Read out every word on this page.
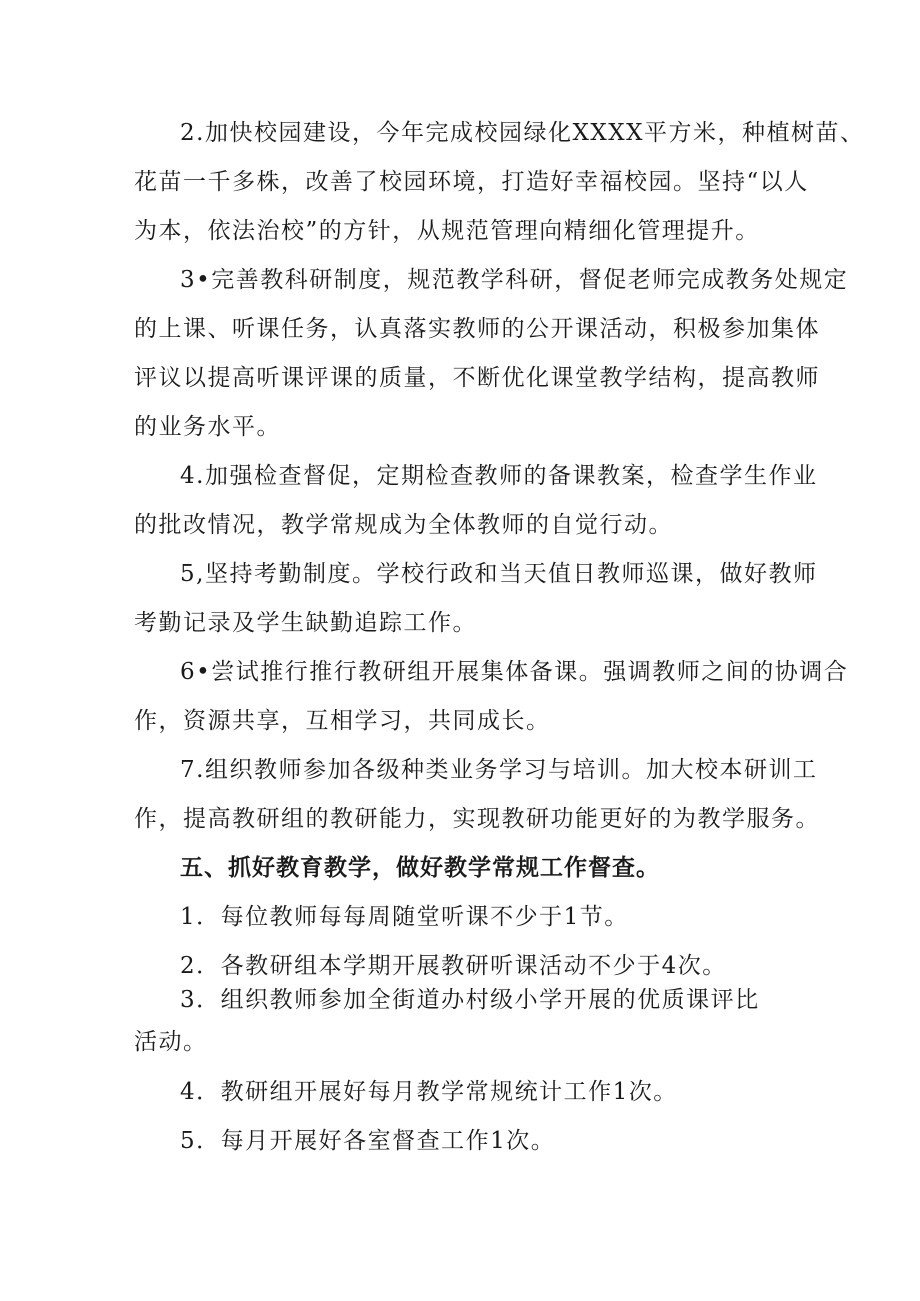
2.加快校园建设，今年完成校园绿化XXXX平方米，种植树苗、
花苗一千多株，改善了校园环境，打造好幸福校园。坚持“以人
为本，依法治校”的方针，从规范管理向精细化管理提升。
3•完善教科研制度，规范教学科研，督促老师完成教务处规定
的上课、听课任务，认真落实教师的公开课活动，积极参加集体
评议以提高听课评课的质量，不断优化课堂教学结构，提高教师
的业务水平。
4.加强检查督促，定期检查教师的备课教案，检查学生作业
的批改情况，教学常规成为全体教师的自觉行动。
5,坚持考勤制度。学校行政和当天值日教师巡课，做好教师
考勤记录及学生缺勤追踪工作。
6•尝试推行推行教研组开展集体备课。强调教师之间的协调合
作，资源共享，互相学习，共同成长。
7.组织教师参加各级种类业务学习与培训。加大校本研训工
作，提高教研组的教研能力，实现教研功能更好的为教学服务。
五、抓好教育教学，做好教学常规工作督查。
1．每位教师每每周随堂听课不少于1节。
2．各教研组本学期开展教研听课活动不少于4次。
3．组织教师参加全街道办村级小学开展的优质课评比
活动。
4．教研组开展好每月教学常规统计工作1次。
5．每月开展好各室督查工作1次。
